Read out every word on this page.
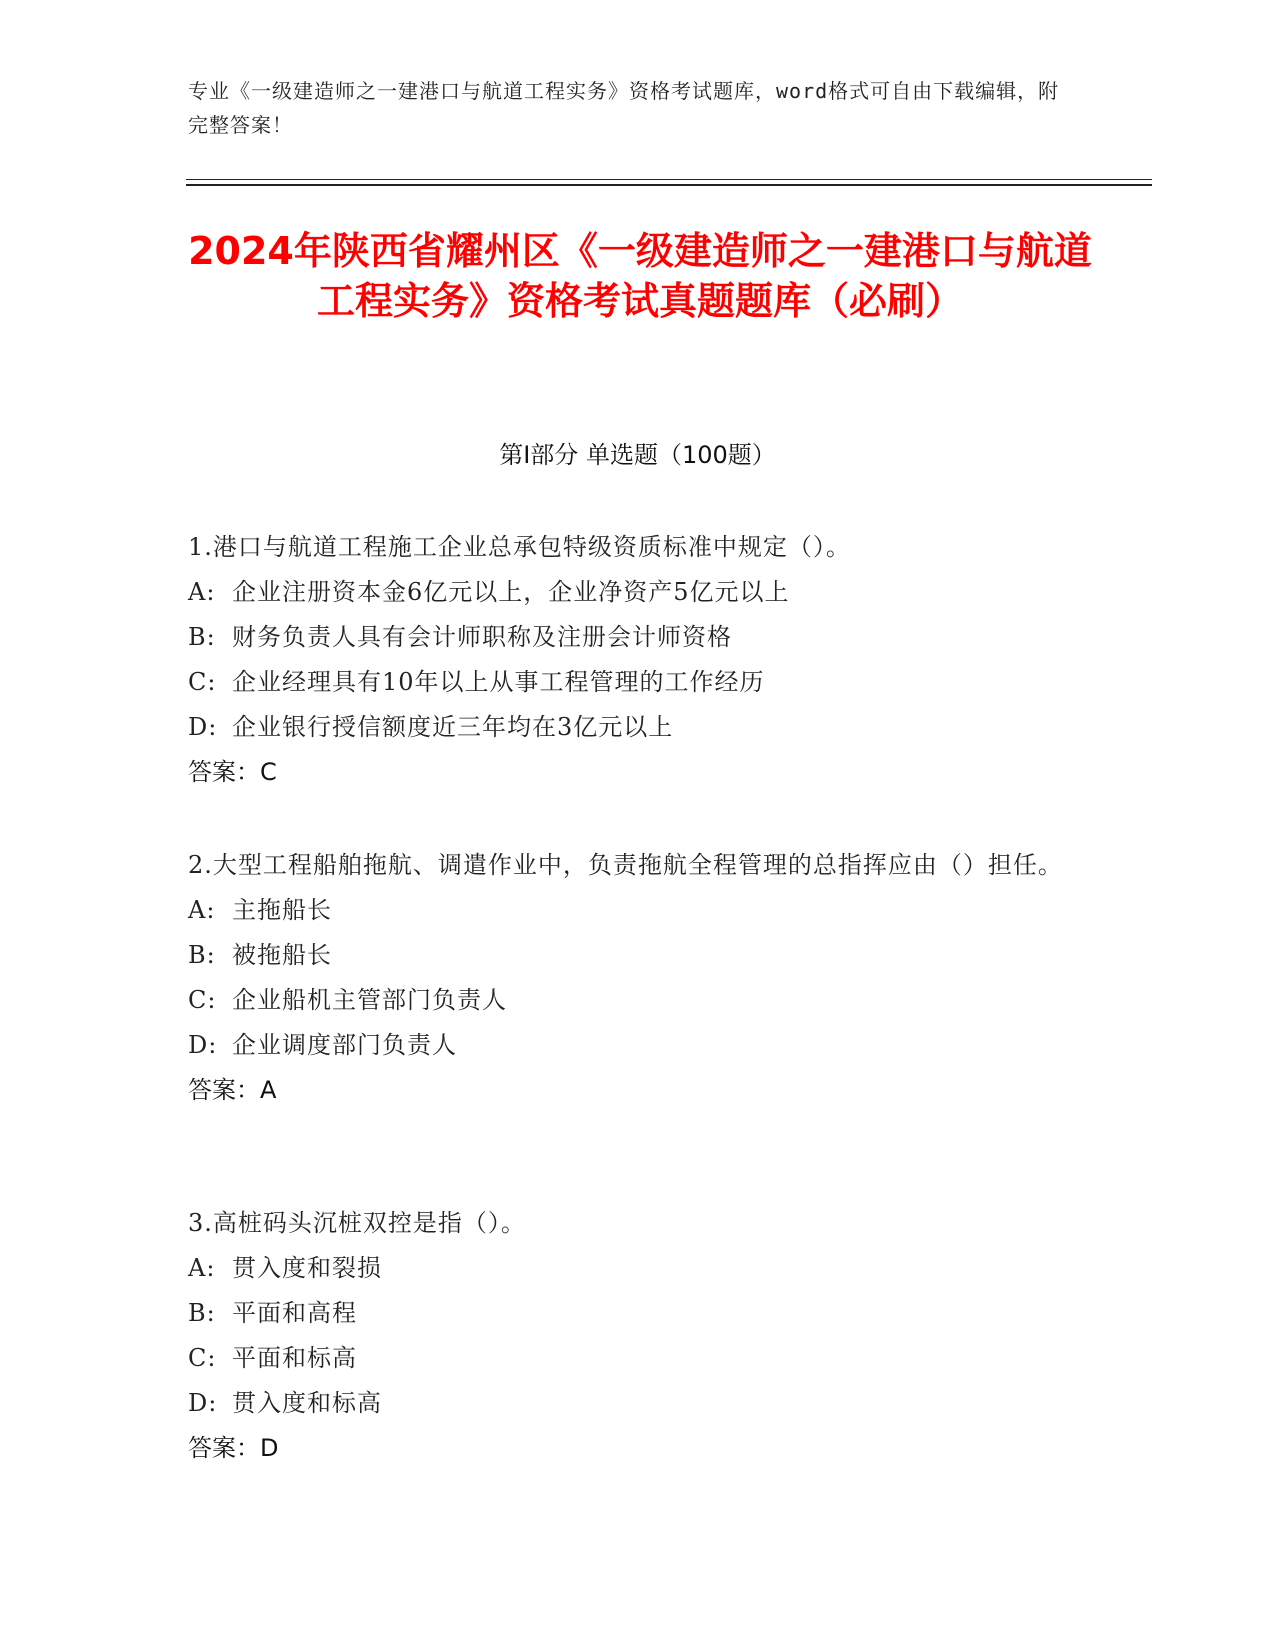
专业《一级建造师之一建港口与航道工程实务》资格考试题库，word格式可自由下载编辑，附完整答案！
2024年陕西省耀州区《一级建造师之一建港口与航道工程实务》资格考试真题题库（必刷）
第I部分 单选题（100题）
1.港口与航道工程施工企业总承包特级资质标准中规定（）。
A: 企业注册资本金6亿元以上，企业净资产5亿元以上
B: 财务负责人具有会计师职称及注册会计师资格
C: 企业经理具有10年以上从事工程管理的工作经历
D: 企业银行授信额度近三年均在3亿元以上
答案：C
2.大型工程船舶拖航、调遣作业中，负责拖航全程管理的总指挥应由（）担任。
A: 主拖船长
B: 被拖船长
C: 企业船机主管部门负责人
D: 企业调度部门负责人
答案：A
3.高桩码头沉桩双控是指（）。
A: 贯入度和裂损
B: 平面和高程
C: 平面和标高
D: 贯入度和标高
答案：D
